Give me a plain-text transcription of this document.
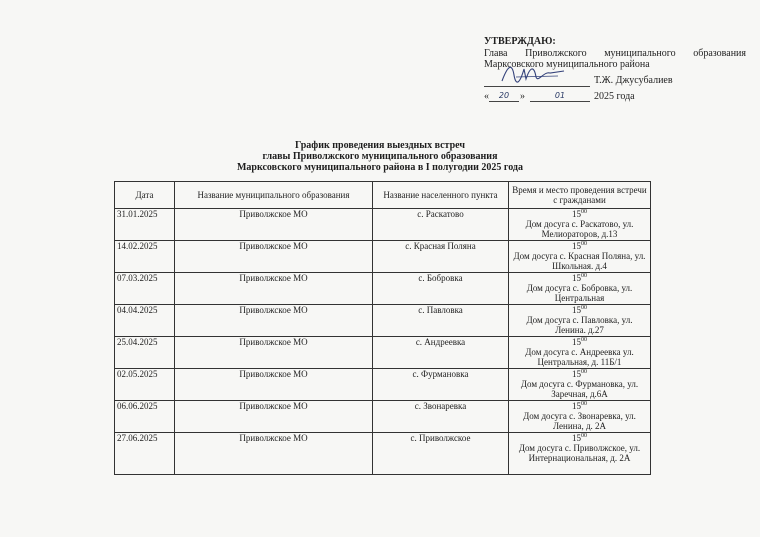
УТВЕРЖДАЮ:
Глава Приволжского муниципального образования
Марксовского муниципального района
Т.Ж. Джусубалиев
«	20	»	01	2025 года
График проведения выездных встреч
главы Приволжского муниципального образования
Марксовского муниципального района в I полугодии 2025 года
Дата	Название муниципального образования	Название населенного пункта	Время и место проведения встречи с гражданами
31.01.2025	Приволжское МО	с. Раскатово	$15^{00}$
Дом досуга с. Раскатово, ул. Мелиораторов, д.13
14.02.2025	Приволжское МО	с. Красная Поляна	$15^{00}$
Дом досуга с. Красная Поляна, ул. Школьная. д.4
07.03.2025	Приволжское МО	с. Бобровка	$15^{00}$
Дом досуга с. Бобровка, ул. Центральная
04.04.2025	Приволжское МО	с. Павловка	$15^{00}$
Дом досуга с. Павловка, ул. Ленина. д.27
25.04.2025	Приволжское МО	с. Андреевка	$15^{00}$
Дом досуга с. Андреевка ул. Центральная, д. 11Б/1
02.05.2025	Приволжское МО	с. Фурмановка	$15^{00}$
Дом досуга с. Фурмановка, ул. Заречная, д.6А
06.06.2025	Приволжское МО	с. Звонаревка	$15^{00}$
Дом досуга с. Звонаревка, ул. Ленина, д. 2А
27.06.2025	Приволжское МО	с. Приволжское	$15^{00}$
Дом досуга с. Приволжское, ул. Интернациональная, д. 2А
